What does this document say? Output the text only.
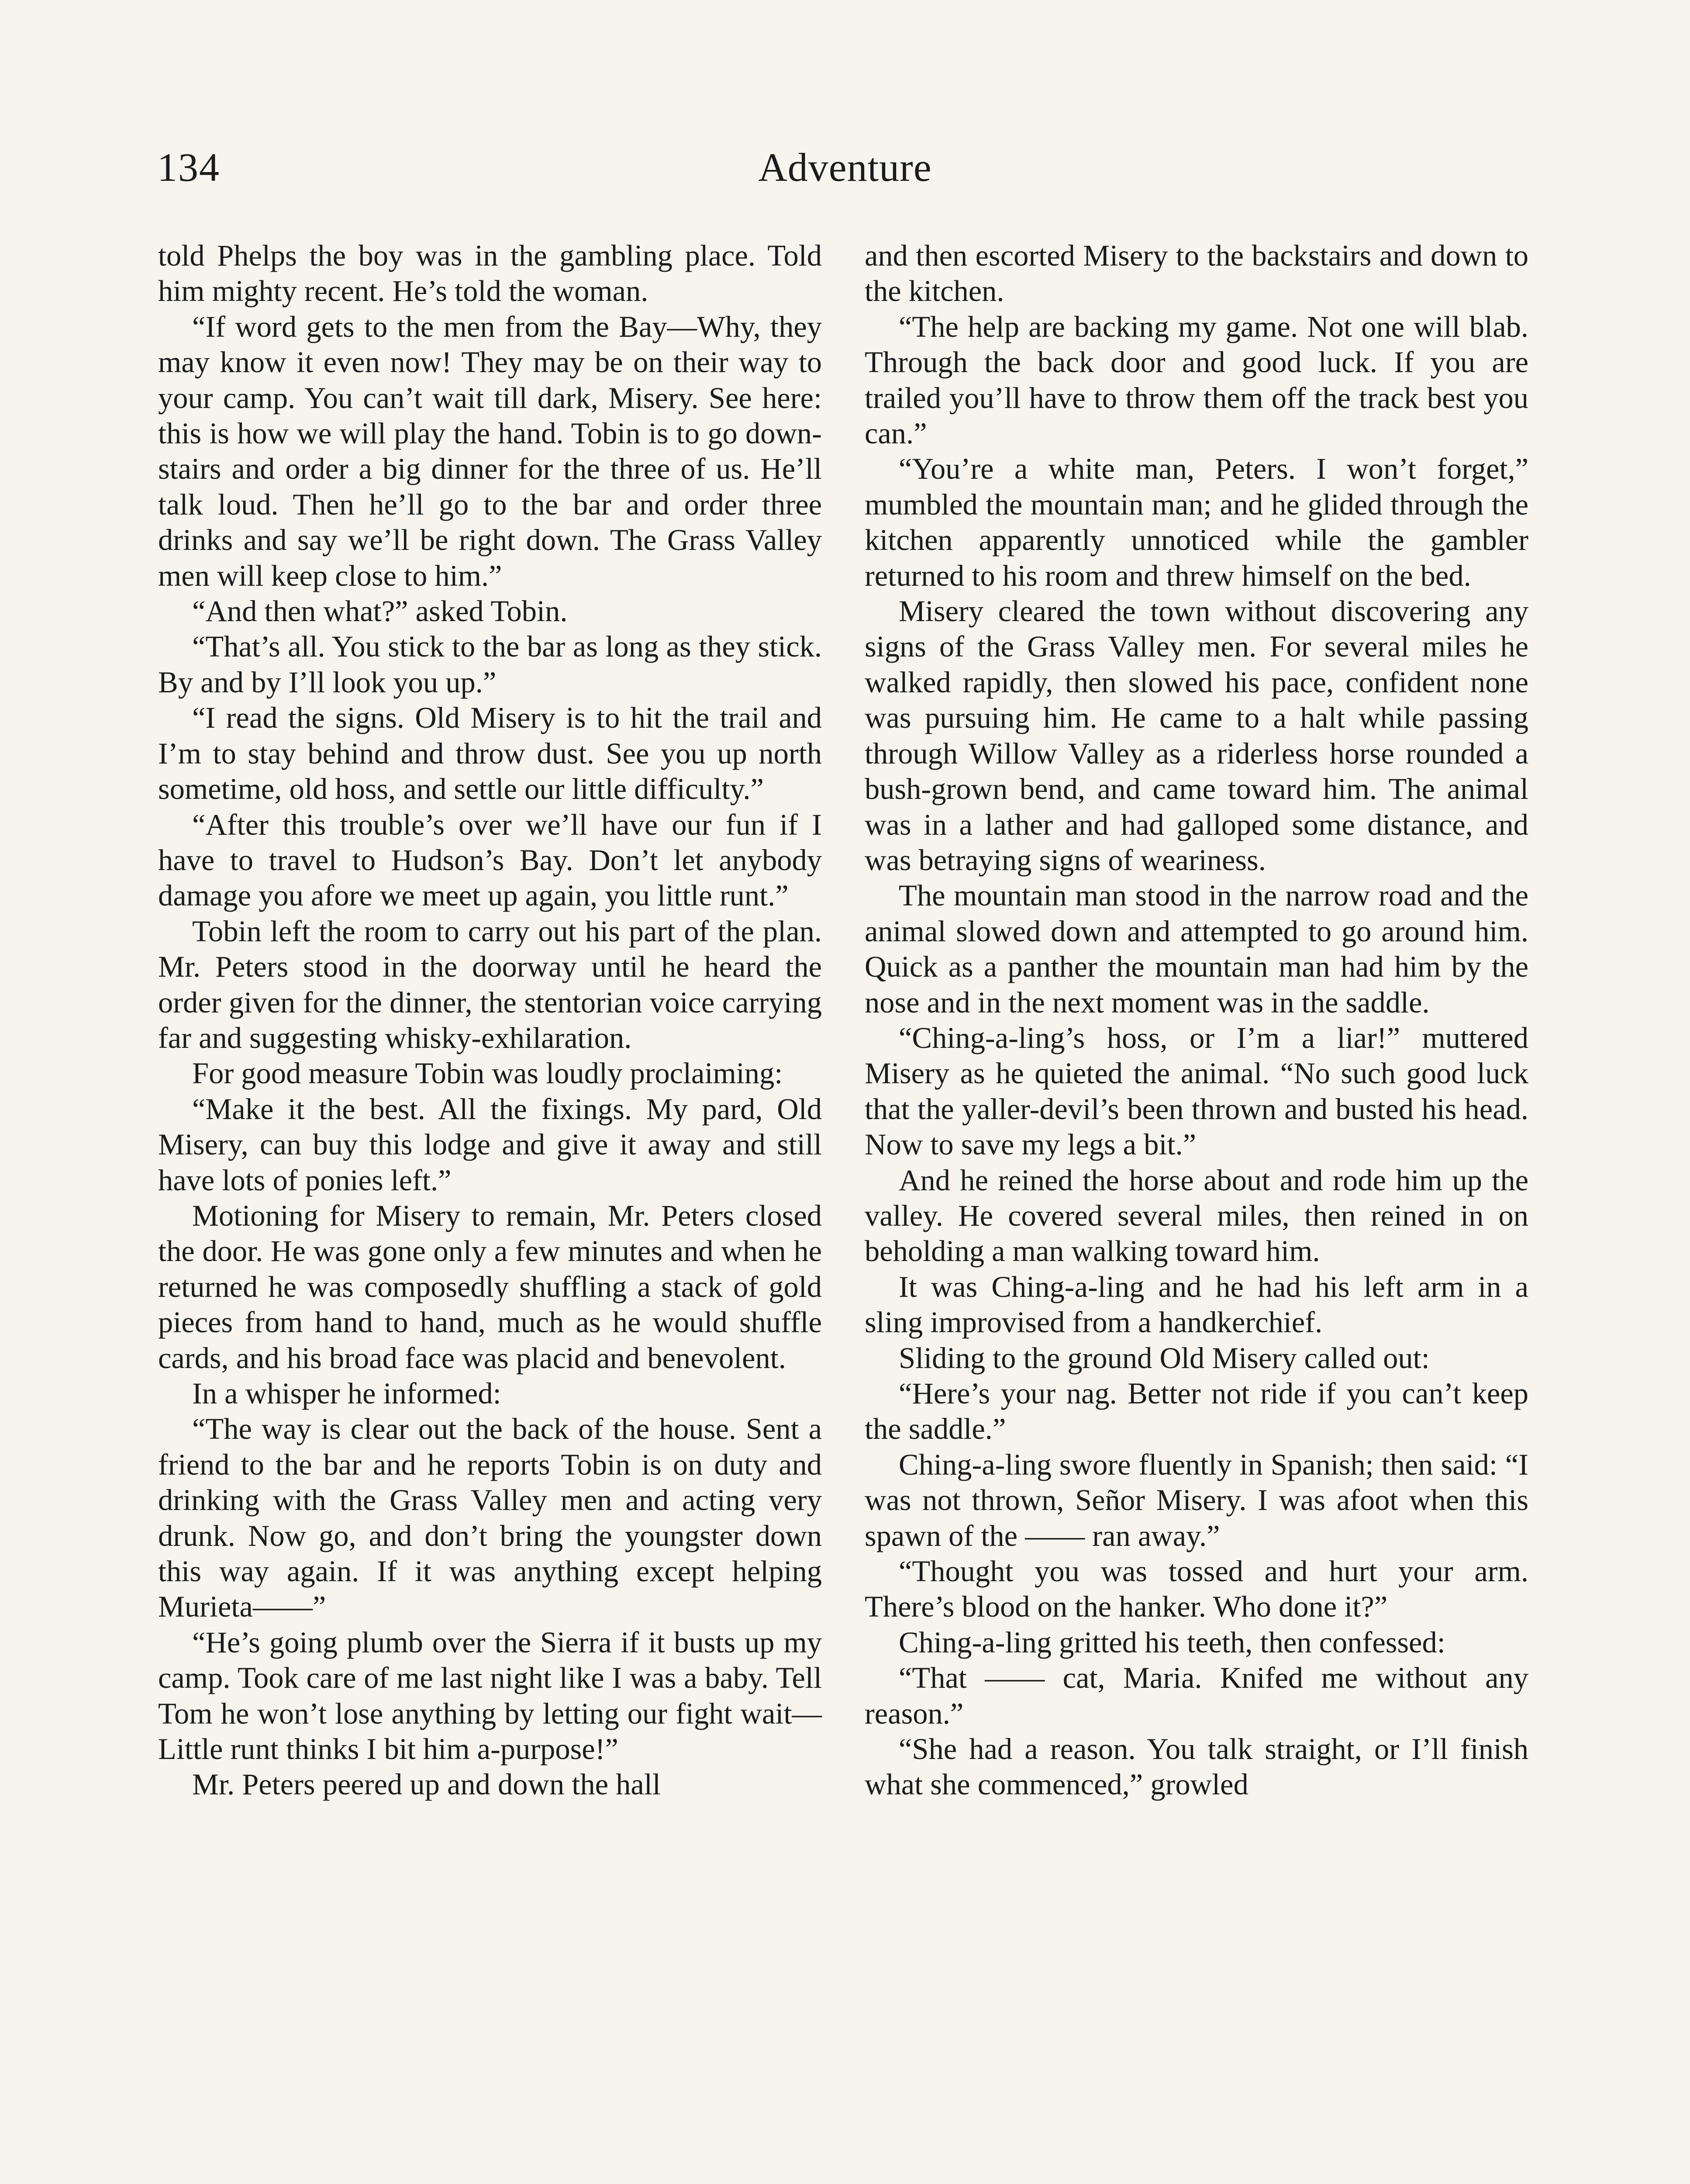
134	Adventure

told Phelps the boy was in the gambling place. Told him mighty recent. He’s told the woman.

“If word gets to the men from the Bay—Why, they may know it even now! They may be on their way to your camp. You can’t wait till dark, Misery. See here: this is how we will play the hand. Tobin is to go down-stairs and order a big dinner for the three of us. He’ll talk loud. Then he’ll go to the bar and order three drinks and say we’ll be right down. The Grass Valley men will keep close to him.”

“And then what?” asked Tobin.

“That’s all. You stick to the bar as long as they stick. By and by I’ll look you up.”

“I read the signs. Old Misery is to hit the trail and I’m to stay behind and throw dust. See you up north sometime, old hoss, and settle our little difficulty.”

“After this trouble’s over we’ll have our fun if I have to travel to Hudson’s Bay. Don’t let anybody damage you afore we meet up again, you little runt.”

Tobin left the room to carry out his part of the plan. Mr. Peters stood in the doorway until he heard the order given for the dinner, the stentorian voice carrying far and suggesting whisky-exhilaration.

For good measure Tobin was loudly proclaiming:

“Make it the best. All the fixings. My pard, Old Misery, can buy this lodge and give it away and still have lots of ponies left.”

Motioning for Misery to remain, Mr. Peters closed the door. He was gone only a few minutes and when he returned he was composedly shuffling a stack of gold pieces from hand to hand, much as he would shuffle cards, and his broad face was placid and benevolent.

In a whisper he informed:

“The way is clear out the back of the house. Sent a friend to the bar and he reports Tobin is on duty and drinking with the Grass Valley men and acting very drunk. Now go, and don’t bring the youngster down this way again. If it was anything except helping Murieta——”

“He’s going plumb over the Sierra if it busts up my camp. Took care of me last night like I was a baby. Tell Tom he won’t lose anything by letting our fight wait—Little runt thinks I bit him a-purpose!”

Mr. Peters peered up and down the hall

and then escorted Misery to the backstairs and down to the kitchen.

“The help are backing my game. Not one will blab. Through the back door and good luck. If you are trailed you’ll have to throw them off the track best you can.”

“You’re a white man, Peters. I won’t forget,” mumbled the mountain man; and he glided through the kitchen apparently unnoticed while the gambler returned to his room and threw himself on the bed.

Misery cleared the town without discovering any signs of the Grass Valley men. For several miles he walked rapidly, then slowed his pace, confident none was pursuing him. He came to a halt while passing through Willow Valley as a riderless horse rounded a bush-grown bend, and came toward him. The animal was in a lather and had galloped some distance, and was betraying signs of weariness.

The mountain man stood in the narrow road and the animal slowed down and attempted to go around him. Quick as a panther the mountain man had him by the nose and in the next moment was in the saddle.

“Ching-a-ling’s hoss, or I’m a liar!” muttered Misery as he quieted the animal. “No such good luck that the yaller-devil’s been thrown and busted his head. Now to save my legs a bit.”

And he reined the horse about and rode him up the valley. He covered several miles, then reined in on beholding a man walking toward him.

It was Ching-a-ling and he had his left arm in a sling improvised from a handkerchief.

Sliding to the ground Old Misery called out:

“Here’s your nag. Better not ride if you can’t keep the saddle.”

Ching-a-ling swore fluently in Spanish; then said: “I was not thrown, Señor Misery. I was afoot when this spawn of the —— ran away.”

“Thought you was tossed and hurt your arm. There’s blood on the hanker. Who done it?”

Ching-a-ling gritted his teeth, then confessed:

“That —— cat, Maria. Knifed me without any reason.”

“She had a reason. You talk straight, or I’ll finish what she commenced,” growled
